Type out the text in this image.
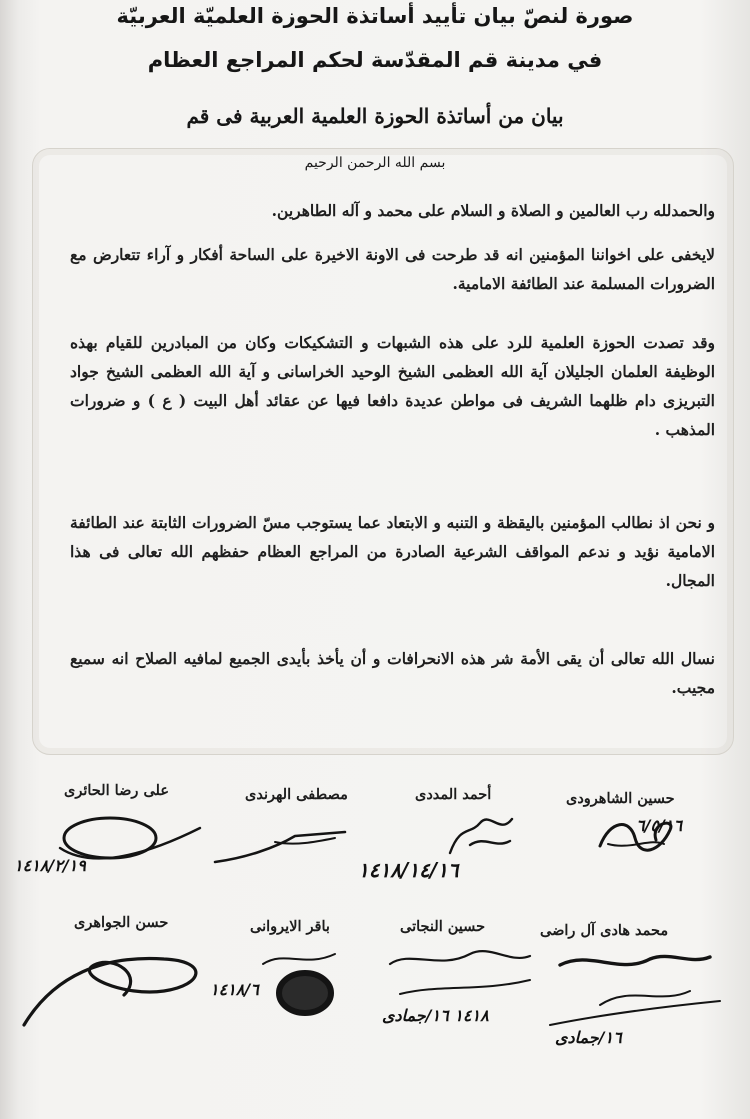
صورة لنصّ بيان تأييد أساتذة الحوزة العلميّة العربيّة
في مدينة قم المقدّسة لحكم المراجع العظام
بيان من أساتذة الحوزة العلمية العربية فى قم
بسم الله الرحمن الرحيم
والحمدلله رب العالمين و الصلاة و السلام على محمد و آله الطاهرين.
لايخفى على اخواننا المؤمنين انه قد طرحت فى الاونة الاخيرة على الساحة أفكار و آراء تتعارض مع الضرورات المسلمة عند الطائفة الامامية.
وقد تصدت الحوزة العلمية للرد على هذه الشبهات و التشكيكات وكان من المبادرين للقيام بهذه الوظيفة العلمان الجليلان آية الله العظمى الشيخ الوحيد الخراسانى و آية الله العظمى الشيخ جواد التبريزى دام ظلهما الشريف فى مواطن عديدة دافعا فيها عن عقائد أهل البيت ( ع ) و ضرورات المذهب .
و نحن اذ نطالب المؤمنين باليقظة و التنبه و الابتعاد عما يستوجب مسّ الضرورات الثابتة عند الطائفة الامامية نؤيد و ندعم المواقف الشرعية الصادرة من المراجع العظام حفظهم الله تعالى فى هذا المجال.
نسال الله تعالى أن يقى الأمة شر هذه الانحرافات و أن يأخذ بأيدى الجميع لمافيه الصلاح انه سميع مجيب.
حسين الشاهرودى
أحمد المددى
مصطفى الهرندى
على رضا الحائرى
٦/٥/١٦
١٤١٨/١٤/١٦
١٤١٨/٢/١٩
محمد هادى آل راضى
حسين النجاتى
باقر الايروانى
حسن الجواهرى
١٦/جمادى
١٤١٨ ١٦/جمادى
١٤١٨/٦
